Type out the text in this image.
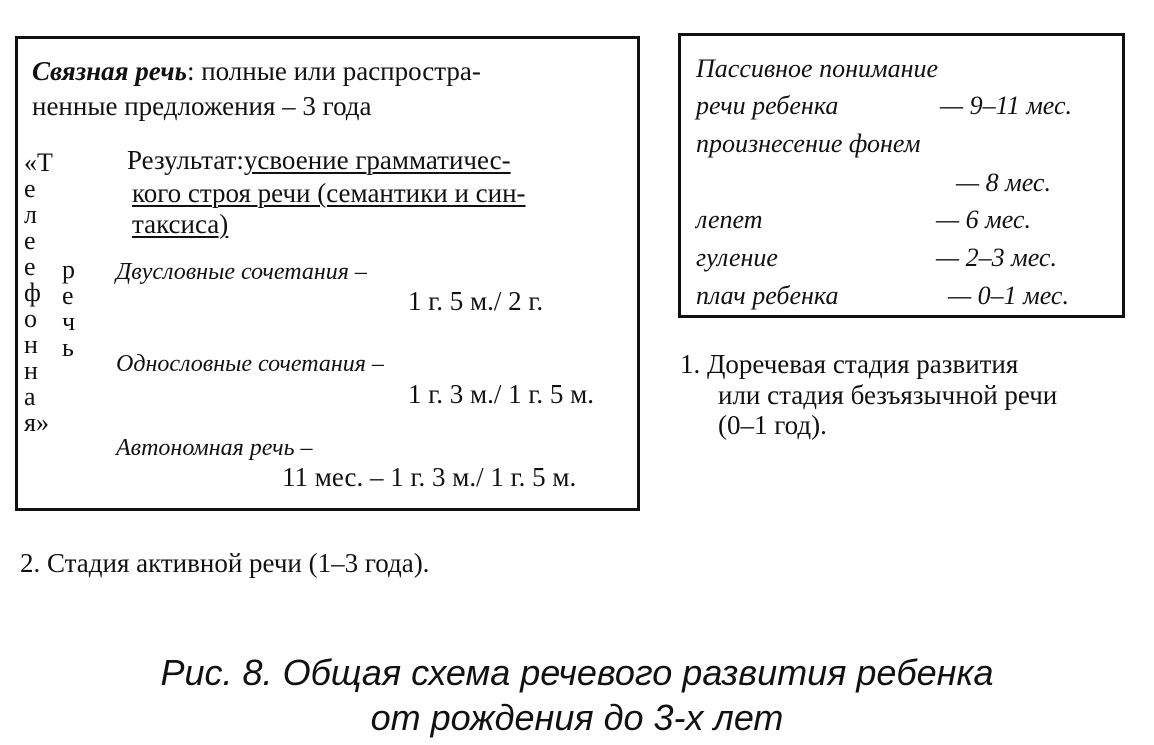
Связная речь: полные или распростра-
ненные предложения – 3 года
«Т
е
л
е
е
ф
о
н
н
а
я»
р
е
ч
ь
Результат:усвоение грамматичес-
кого строя речи (семантики и син-
таксиса)
Двусловные сочетания –
1 г. 5 м./ 2 г.
Однословные сочетания –
1 г. 3 м./ 1 г. 5 м.
Автономная речь –
11 мес. – 1 г. 3 м./ 1 г. 5 м.
Пассивное понимание
речи ребенка	— 9–11 мес.
произнесение фонем
— 8 мес.
лепет	— 6 мес.
гуление	— 2–3 мес.
плач ребенка	— 0–1 мес.
1. Доречевая стадия развития
или стадия безъязычной речи
(0–1 год).
2. Стадия активной речи (1–3 года).
Рис. 8. Общая схема речевого развития ребенка
от рождения до 3-х лет
